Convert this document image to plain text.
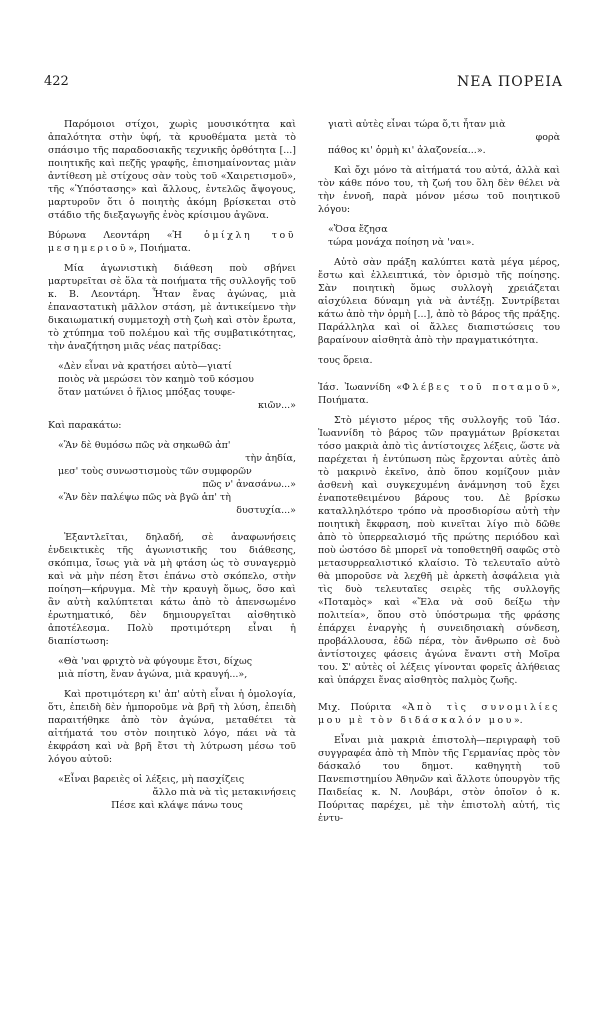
422	ΝΕΑ ΠΟΡΕΙΑ

Παρόμοιοι στίχοι, χωρὶς μουσικότητα καὶ ἀπαλότητα στὴν ὑφή, τὰ κρυοθέματα μετὰ τὸ σπάσιμο τῆς παραδοσιακῆς τεχνικῆς ὀρθότητα [...] ποιητικῆς καὶ πεζῆς γραφῆς, ἐπισημαίνοντας μιὰν ἀντίθεση μὲ στίχους σὰν τοὺς τοῦ «Χαιρετισμοῦ», τῆς «Ὑπόστασης» καὶ ἄλλους, ἐντελῶς ἄψογους, μαρτυροῦν ὅτι ὁ ποιητὴς ἀκόμη βρίσκεται στὸ στάδιο τῆς διεξαγωγῆς ἑνὸς κρίσιμου ἀγῶνα.

Βύρωνα Λεοντάρη «Ἡ ὁμίχλη τοῦ μεσημεριοῦ», Ποιήματα.

Μία ἀγωνιστικὴ διάθεση ποὺ σβήνει μαρτυρεῖται σὲ ὅλα τὰ ποιήματα τῆς συλλογῆς τοῦ κ. Β. Λεοντάρη. Ἦταν ἕνας ἀγώνας, μιὰ ἐπαναστατικὴ μᾶλλον στάση, μὲ ἀντικείμενο τὴν δικαιωματική συμμετοχὴ στὴ ζωὴ καὶ στὸν ἔρωτα, τὸ χτύπημα τοῦ πολέμου καὶ τῆς συμβατικότητας, τὴν ἀναζήτηση μιᾶς νέας πατρίδας:

«Δὲν εἶναι νὰ κρατήσει αὐτὸ—γιατί
ποιὸς νὰ μερώσει τὸν καημὸ τοῦ κόσμου
ὅταν ματώνει ὁ ἥλιος μπόξας τουφε-
κιῶν...»

Καὶ παρακάτω:

«Ἂν δὲ θυμόσω πῶς νὰ σηκωθῶ ἀπ'
τὴν ἀηδία,
μεσ' τοὺς συνωστισμοὺς τῶν συμφορῶν
πῶς ν' ἀνασάνω...»
«Ἂν δὲν παλέψω πῶς νὰ βγῶ ἀπ' τὴ
δυστυχία...»

Ἐξαντλεῖται, δηλαδή, σὲ ἀναφωνήσεις ἐνδεικτικὲς τῆς ἀγωνιστικῆς του διάθεσης, σκόπιμα, ἴσως γιὰ νὰ μὴ φτάση ὡς τὸ συναγερμὸ καὶ νὰ μὴν πέση ἔτσι ἐπάνω στὸ σκόπελο, στὴν ποίηση—κήρυγμα. Μὲ τὴν κραυγὴ ὅμως, ὅσο καὶ ἂν αὐτὴ καλύπτεται κάτω ἀπὸ τὸ ἀπενσωμένο ἐρωτηματικό, δὲν δημιουργεῖται αἰσθητικὸ ἀποτέλεσμα. Πολὺ προτιμότερη εἶναι ἡ διαπίστωση:

«Θὰ 'ναι φριχτὸ νὰ φύγουμε ἔτσι, δίχως
μιὰ πίστη, ἕναν ἀγώνα, μιὰ κραυγή...»,

Καὶ προτιμότερη κι' ἀπ' αὐτὴ εἶναι ἡ ὁμολογία, ὅτι, ἐπειδὴ δὲν ἠμποροῦμε νὰ βρῆ τὴ λύση, ἐπειδὴ παραιτήθηκε ἀπὸ τὸν ἀγώνα, μεταθέτει τὰ αἰτήματά του στὸν ποιητικὸ λόγο, πάει νὰ τὰ ἐκφράση καὶ νὰ βρῆ ἔτσι τὴ λύτρωση μέσω τοῦ λόγου αὐτοῦ:

«Εἶναι βαρειὲς οἱ λέξεις, μὴ πασχίζεις
ἄλλο πιὰ νὰ τὶς μετακινήσεις
Πέσε καὶ κλάψε πάνω τους
γιατὶ αὐτὲς εἶναι τώρα ὅ,τι ἦταν μιὰ
φορὰ
πάθος κι' ὁρμὴ κι' ἀλαζονεία...».

Καὶ ὄχι μόνο τὰ αἰτήματά του αὐτά, ἀλλὰ καὶ τὸν κάθε πόνο του, τὴ ζωή του ὅλη δὲν θέλει νὰ τὴν ἐννοῆ, παρὰ μόνον μέσω τοῦ ποιητικοῦ λόγου:

«Ὅσα ἔζησα
τώρα μονάχα ποίηση νὰ 'ναι».

Αὐτὸ σὰν πράξη καλύπτει κατὰ μέγα μέρος, ἔστω καὶ ἐλλειπτικά, τὸν ὁρισμὸ τῆς ποίησης. Σὰν ποιητικὴ ὅμως συλλογὴ χρειάζεται αἰσχύλεια δύναμη γιὰ νὰ ἀντέξῃ. Συντρίβεται κάτω ἀπὸ τὴν ὁρμὴ [...], ἀπὸ τὸ βάρος τῆς πράξης. Παράλληλα καὶ οἱ ἄλλες διαπιστώσεις του βαραίνουν αἰσθητὰ ἀπὸ τὴν πραγματικότητα.

τους ὅρεια.

Ἰάσ. Ἰωαννίδη «Φλέβες τοῦ ποταμοῦ», Ποιήματα.

Στὸ μέγιστο μέρος τῆς συλλογῆς τοῦ Ἰάσ. Ἰωαννίδη τὸ βάρος τῶν πραγμάτων βρίσκεται τόσο μακριὰ ἀπὸ τὶς ἀντίστοιχες λέξεις, ὥστε νὰ παρέχεται ἡ ἐντύπωση πὼς ἔρχονται αὐτὲς ἀπὸ τὸ μακρινὸ ἐκεῖνο, ἀπὸ ὅπου κομίζουν μιὰν ἀσθενὴ καὶ συγκεχυμένη ἀνάμνηση τοῦ ἔχει ἐναποτεθειμένου βάρους του. Δὲ βρίσκω καταλληλότερο τρόπο νὰ προσδιορίσω αὐτὴ τὴν ποιητικὴ ἔκφραση, ποὺ κινεῖται λίγο πιὸ δῶθε ἀπὸ τὸ ὑπερρεαλισμό τῆς πρώτης περιόδου καὶ ποὺ ὡστόσο δὲ μπορεῖ νὰ τοποθετηθῆ σαφῶς στὸ μετασυρρεαλιστικό κλαίσιο. Τὸ τελευταῖο αὐτὸ θὰ μποροῦσε νὰ λεχθῆ μὲ ἀρκετὴ ἀσφάλεια γιὰ τὶς δυὸ τελευταῖες σειρὲς τῆς συλλογῆς «Ποταμὸς» καὶ «Ἔλα νὰ σοῦ δείξω τὴν πολιτεία», ὅπου στὸ ὑπόστρωμα τῆς φράσης ἐπάρχει ἐναργὴς ἡ συνειδησιακὴ σύνδεση, προβάλλουσα, ἐδῶ πέρα, τὸν ἄνθρωπο σὲ δυὸ ἀντίστοιχες φάσεις ἀγώνα ἔναντι στὴ Μοῖρα του. Σ' αὐτὲς οἱ λέξεις γίνονται φορεῖς ἀλήθειας καὶ ὑπάρχει ἕνας αἰσθητὸς παλμὸς ζωῆς.

Μιχ. Πούριτα «Ἀπὸ τὶς συνομιλίες μου μὲ τὸν διδάσκαλόν μου».

Εἶναι μιὰ μακριὰ ἐπιστολὴ—περιγραφὴ τοῦ συγγραφέα ἀπὸ τὴ Μπὸν τῆς Γερμανίας πρὸς τὸν δάσκαλό του δημοτ. καθηγητὴ τοῦ Πανεπιστημίου Ἀθηνῶν καὶ ἄλλοτε ὑπουργὸν τῆς Παιδείας κ. Ν. Λουβάρι, στὸν ὁποῖον ὁ κ. Πούριτας παρέχει, μὲ τὴν ἐπιστολὴ αὐτή, τὶς ἐντυ-
